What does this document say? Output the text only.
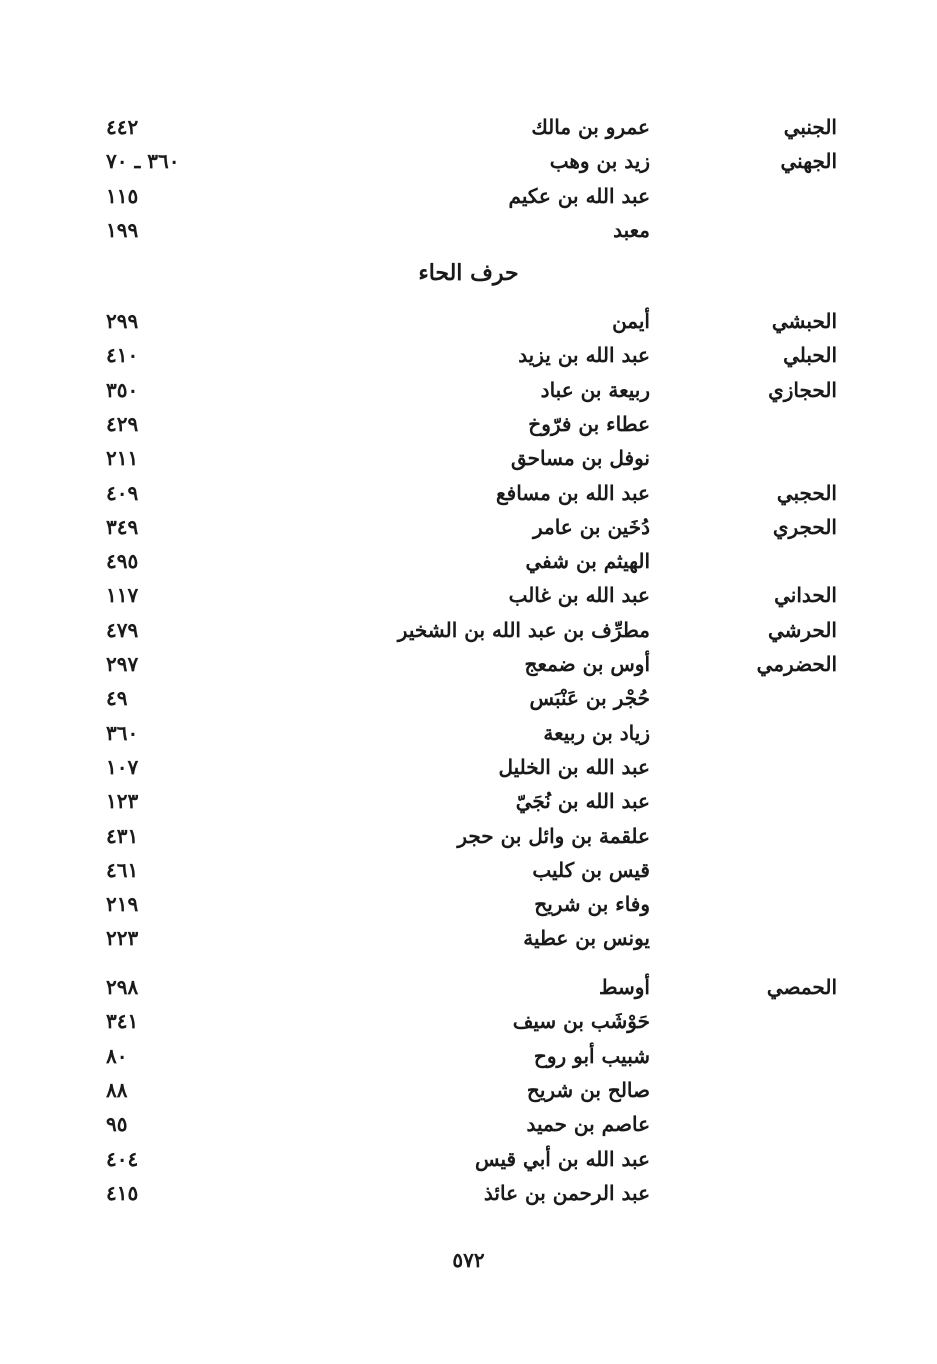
الجنبي
عمرو بن مالك
٤٤٢
الجهني
زيد بن وهب
٣٦٠ ـ ٧٠
عبد الله بن عكيم
١١٥
معبد
١٩٩
حرف الحاء
الحبشي
أيمن
٢٩٩
الحبلي
عبد الله بن يزيد
٤١٠
الحجازي
ربيعة بن عباد
٣٥٠
عطاء بن فرّوخ
٤٢٩
نوفل بن مساحق
٢١١
الحجبي
عبد الله بن مسافع
٤٠٩
الحجري
دُخَين بن عامر
٣٤٩
الهيثم بن شفي
٤٩٥
الحداني
عبد الله بن غالب
١١٧
الحرشي
مطرِّف بن عبد الله بن الشخير
٤٧٩
الحضرمي
أوس بن ضمعج
٢٩٧
حُجْر بن عَنْبَس
٤٩
زياد بن ربيعة
٣٦٠
عبد الله بن الخليل
١٠٧
عبد الله بن نُجَيّ
١٢٣
علقمة بن وائل بن حجر
٤٣١
قيس بن كليب
٤٦١
وفاء بن شريح
٢١٩
يونس بن عطية
٢٢٣
الحمصي
أوسط
٢٩٨
حَوْشَب بن سيف
٣٤١
شبيب أبو روح
٨٠
صالح بن شريح
٨٨
عاصم بن حميد
٩٥
عبد الله بن أبي قيس
٤٠٤
عبد الرحمن بن عائذ
٤١٥
٥٧٢
